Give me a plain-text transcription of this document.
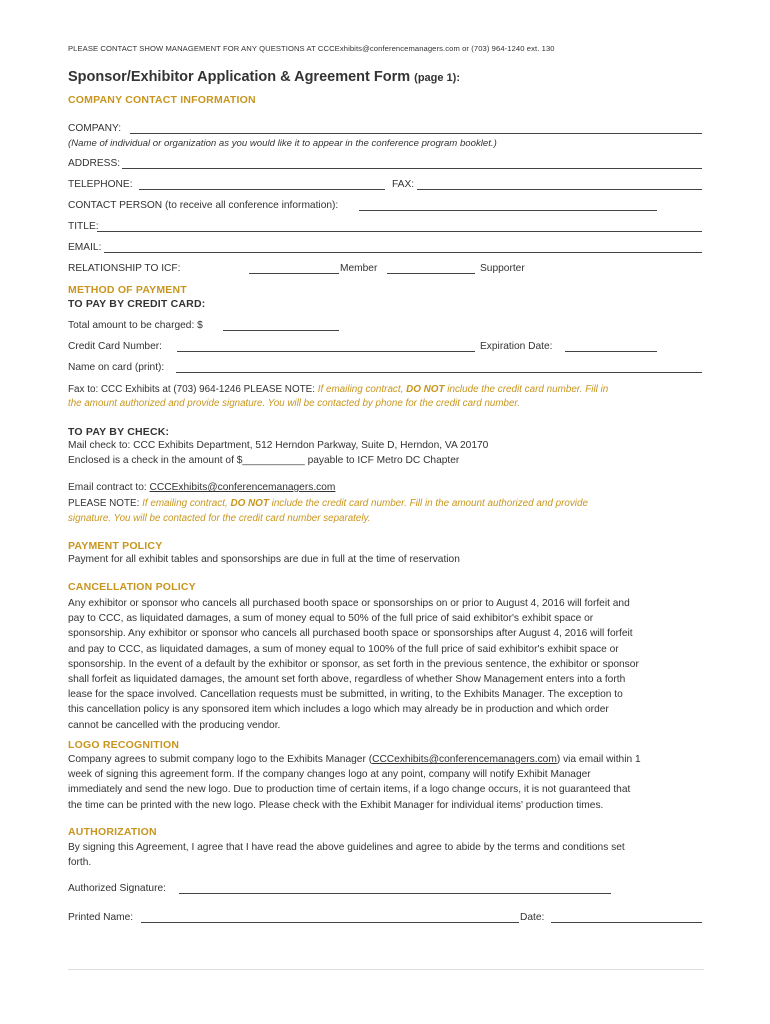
PLEASE CONTACT SHOW MANAGEMENT FOR ANY QUESTIONS AT CCCExhibits@conferencemanagers.com or (703) 964-1240 ext. 130
Sponsor/Exhibitor Application & Agreement Form (page 1):
COMPANY CONTACT INFORMATION
COMPANY:
(Name of individual or organization as you would like it to appear in the conference program booklet.)
ADDRESS:
TELEPHONE:	FAX:
CONTACT PERSON (to receive all conference information):
TITLE:
EMAIL:
RELATIONSHIP TO ICF:	Member	Supporter
METHOD OF PAYMENT
TO PAY BY CREDIT CARD:
Total amount to be charged: $
Credit Card Number:	Expiration Date:
Name on card (print):
Fax to: CCC Exhibits at (703) 964-1246 PLEASE NOTE: If emailing contract, DO NOT include the credit card number. Fill in
the amount authorized and provide signature. You will be contacted by phone for the credit card number.
TO PAY BY CHECK:
Mail check to: CCC Exhibits Department, 512 Herndon Parkway, Suite D, Herndon, VA 20170
Enclosed is a check in the amount of $___________ payable to ICF Metro DC Chapter
Email contract to: CCCExhibits@conferencemanagers.com
PLEASE NOTE: If emailing contract, DO NOT include the credit card number. Fill in the amount authorized and provide
signature. You will be contacted for the credit card number separately.
PAYMENT POLICY
Payment for all exhibit tables and sponsorships are due in full at the time of reservation
CANCELLATION POLICY
Any exhibitor or sponsor who cancels all purchased booth space or sponsorships on or prior to August 4, 2016 will forfeit and
pay to CCC, as liquidated damages, a sum of money equal to 50% of the full price of said exhibitor's exhibit space or
sponsorship. Any exhibitor or sponsor who cancels all purchased booth space or sponsorships after August 4, 2016 will forfeit
and pay to CCC, as liquidated damages, a sum of money equal to 100% of the full price of said exhibitor's exhibit space or
sponsorship. In the event of a default by the exhibitor or sponsor, as set forth in the previous sentence, the exhibitor or sponsor
shall forfeit as liquidated damages, the amount set forth above, regardless of whether Show Management enters into a forth
lease for the space involved. Cancellation requests must be submitted, in writing, to the Exhibits Manager. The exception to
this cancellation policy is any sponsored item which includes a logo which may already be in production and which order
cannot be cancelled with the producing vendor.
LOGO RECOGNITION
Company agrees to submit company logo to the Exhibits Manager (CCCexhibits@conferencemanagers.com) via email within 1
week of signing this agreement form. If the company changes logo at any point, company will notify Exhibit Manager
immediately and send the new logo. Due to production time of certain items, if a logo change occurs, it is not guaranteed that
the time can be printed with the new logo. Please check with the Exhibit Manager for individual items' production times.
AUTHORIZATION
By signing this Agreement, I agree that I have read the above guidelines and agree to abide by the terms and conditions set
forth.
Authorized Signature:
Printed Name:	Date:
